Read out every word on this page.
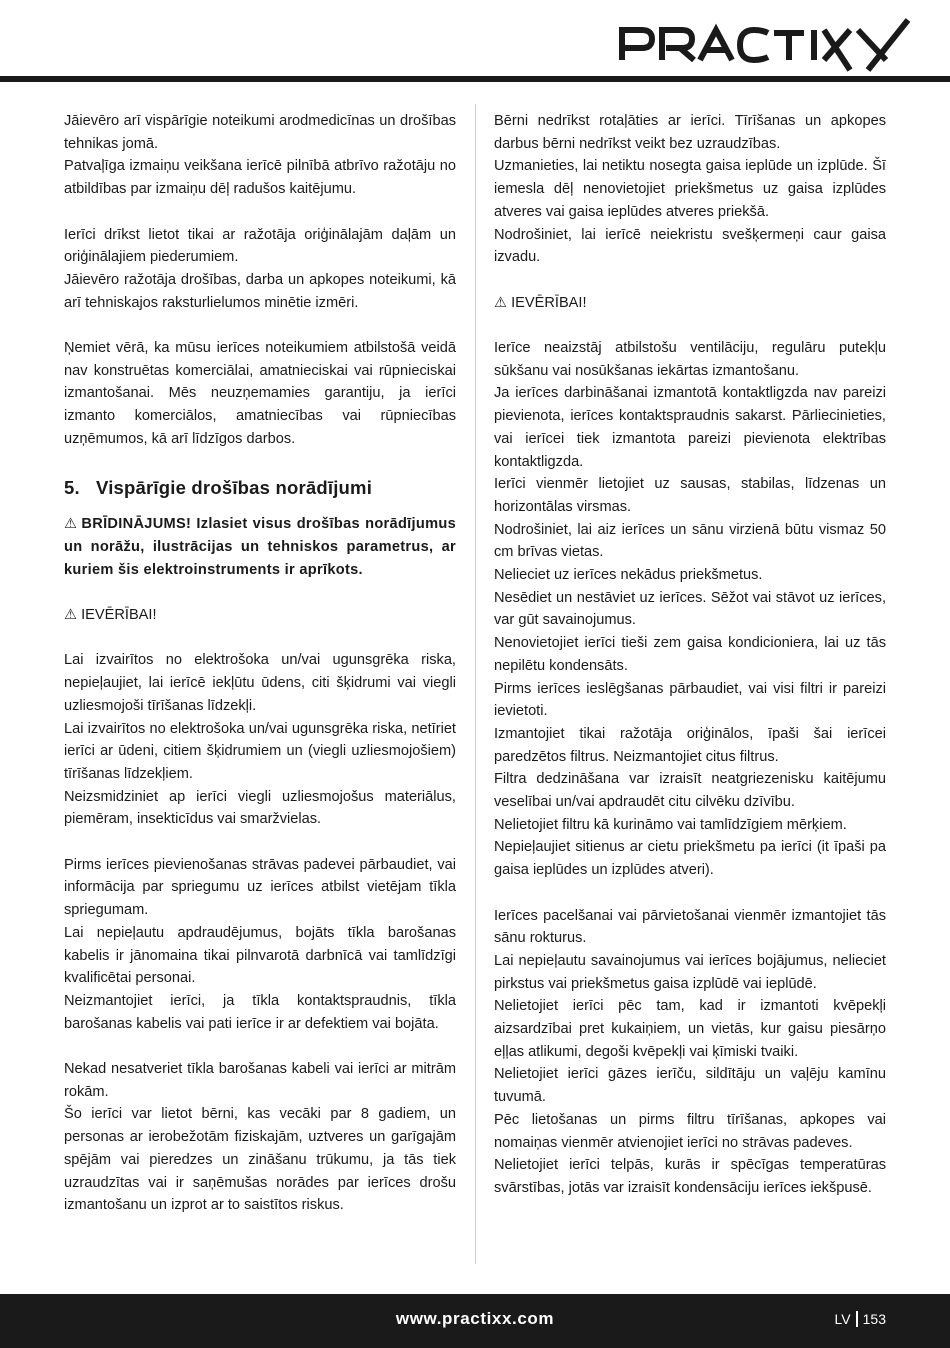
Jāievēro arī vispārīgie noteikumi arodmedicīnas un drošības tehnikas jomā.

Patvaļīga izmaiņu veikšana ierīcē pilnībā atbrīvo ražotāju no atbildības par izmaiņu dēļ radušos kaitējumu.

Ierīci drīkst lietot tikai ar ražotāja oriģinālajām daļām un oriģinālajiem piederumiem.

Jāievēro ražotāja drošības, darba un apkopes noteikumi, kā arī tehniskajos raksturlielumos minētie izmēri.

Ņemiet vērā, ka mūsu ierīces noteikumiem atbilstošā veidā nav konstruētas komerciālai, amatnieciskai vai rūpnieciskai izmantošanai. Mēs neuzņemamies garantiju, ja ierīci izmanto komerciālos, amatniecības vai rūpniecības uzņēmumos, kā arī līdzīgos darbos.

5. Vispārīgie drošības norādījumi

⚠ BRĪDINĀJUMS! Izlasiet visus drošības norādījumus un norāžu, ilustrācijas un tehniskos parametrus, ar kuriem šis elektroinstruments ir aprīkots.

⚠ IEVĒRĪBAI!

Lai izvairītos no elektrošoka un/vai ugunsgrēka riska, nepieļaujiet, lai ierīcē iekļūtu ūdens, citi šķidrumi vai viegli uzliesmojoši tīrīšanas līdzekļi.

Lai izvairītos no elektrošoka un/vai ugunsgrēka riska, netīriet ierīci ar ūdeni, citiem šķidrumiem un (viegli uzliesmojošiem) tīrīšanas līdzekļiem.

Neizsmidziniet ap ierīci viegli uzliesmojošus materiālus, piemēram, insekticīdus vai smaržvielas.

Pirms ierīces pievienošanas strāvas padevei pārbaudiet, vai informācija par spriegumu uz ierīces atbilst vietējam tīkla spriegumam.

Lai nepieļautu apdraudējumus, bojāts tīkla barošanas kabelis ir jānomaina tikai pilnvarotā darbnīcā vai tamlīdzīgi kvalificētai personai.

Neizmantojiet ierīci, ja tīkla kontaktspraudnis, tīkla barošanas kabelis vai pati ierīce ir ar defektiem vai bojāta.

Nekad nesatveriet tīkla barošanas kabeli vai ierīci ar mitrām rokām.

Šo ierīci var lietot bērni, kas vecāki par 8 gadiem, un personas ar ierobežotām fiziskajām, uztveres un garīgajām spējām vai pieredzes un zināšanu trūkumu, ja tās tiek uzraudzītas vai ir saņēmušas norādes par ierīces drošu izmantošanu un izprot ar to saistītos riskus.

Bērni nedrīkst rotaļāties ar ierīci. Tīrīšanas un apkopes darbus bērni nedrīkst veikt bez uzraudzības.

Uzmanieties, lai netiktu nosegta gaisa ieplūde un izplūde. Šī iemesla dēļ nenovietojiet priekšmetus uz gaisa izplūdes atveres vai gaisa ieplūdes atveres priekšā.

Nodrošiniet, lai ierīcē neiekristu svešķermeņi caur gaisa izvadu.

⚠ IEVĒRĪBAI!

Ierīce neaizstāj atbilstošu ventilāciju, regulāru putekļu sūkšanu vai nosūkšanas iekārtas izmantošanu.

Ja ierīces darbināšanai izmantotā kontaktligzda nav pareizi pievienota, ierīces kontaktspraudnis sakarst. Pārliecinieties, vai ierīcei tiek izmantota pareizi pievienota elektrības kontaktligzda.

Ierīci vienmēr lietojiet uz sausas, stabilas, līdzenas un horizontālas virsmas.

Nodrošiniet, lai aiz ierīces un sānu virzienā būtu vismaz 50 cm brīvas vietas.

Nelieciet uz ierīces nekādus priekšmetus.

Nesēdiet un nestāviet uz ierīces. Sēžot vai stāvot uz ierīces, var gūt savainojumus.

Nenovietojiet ierīci tieši zem gaisa kondicioniera, lai uz tās nepilētu kondensāts.

Pirms ierīces ieslēgšanas pārbaudiet, vai visi filtri ir pareizi ievietoti.

Izmantojiet tikai ražotāja oriģinālos, īpaši šai ierīcei paredzētos filtrus. Neizmantojiet citus filtrus.

Filtra dedzināšana var izraisīt neatgriezenisku kaitējumu veselībai un/vai apdraudēt citu cilvēku dzīvību.

Nelietojiet filtru kā kurināmo vai tamlīdzīgiem mērķiem.

Nepieļaujiet sitienus ar cietu priekšmetu pa ierīci (it īpaši pa gaisa ieplūdes un izplūdes atveri).

Ierīces pacelšanai vai pārvietošanai vienmēr izmantojiet tās sānu rokturus.

Lai nepieļautu savainojumus vai ierīces bojājumus, nelieciet pirkstus vai priekšmetus gaisa izplūdē vai ieplūdē.

Nelietojiet ierīci pēc tam, kad ir izmantoti kvēpekļi aizsardzībai pret kukaiņiem, un vietās, kur gaisu piesārņo eļļas atlikumi, degoši kvēpekļi vai ķīmiski tvaiki.

Nelietojiet ierīci gāzes ierīču, sildītāju un vaļēju kamīnu tuvumā.

Pēc lietošanas un pirms filtru tīrīšanas, apkopes vai nomaiņas vienmēr atvienojiet ierīci no strāvas padeves.

Nelietojiet ierīci telpās, kurās ir spēcīgas temperatūras svārstības, jotās var izraisīt kondensāciju ierīces iekšpusē.

www.practixx.com	LV 153
